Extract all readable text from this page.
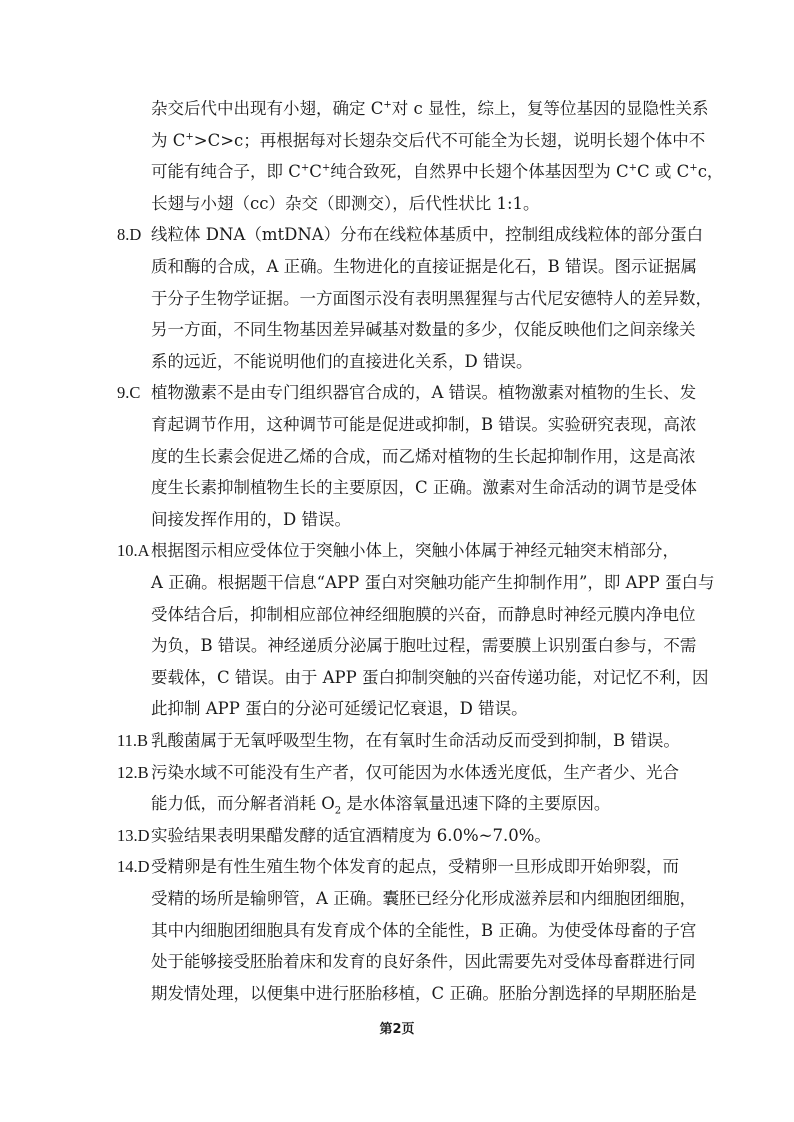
杂交后代中出现有小翅，确定 C+对 c 显性，综上，复等位基因的显隐性关系
为 C+>C>c；再根据每对长翅杂交后代不可能全为长翅，说明长翅个体中不
可能有纯合子，即 C+C+纯合致死，自然界中长翅个体基因型为 C+C 或 C+c，
长翅与小翅（cc）杂交（即测交），后代性状比 1:1。
8.D 线粒体 DNA（mtDNA）分布在线粒体基质中，控制组成线粒体的部分蛋白
质和酶的合成，A 正确。生物进化的直接证据是化石，B 错误。图示证据属
于分子生物学证据。一方面图示没有表明黑猩猩与古代尼安德特人的差异数，
另一方面，不同生物基因差异碱基对数量的多少，仅能反映他们之间亲缘关
系的远近，不能说明他们的直接进化关系，D 错误。
9.C 植物激素不是由专门组织器官合成的，A 错误。植物激素对植物的生长、发
育起调节作用，这种调节可能是促进或抑制，B 错误。实验研究表现，高浓
度的生长素会促进乙烯的合成，而乙烯对植物的生长起抑制作用，这是高浓
度生长素抑制植物生长的主要原因，C 正确。激素对生命活动的调节是受体
间接发挥作用的，D 错误。
10.A 根据图示相应受体位于突触小体上，突触小体属于神经元轴突末梢部分，
A 正确。根据题干信息“APP 蛋白对突触功能产生抑制作用”，即 APP 蛋白与
受体结合后，抑制相应部位神经细胞膜的兴奋，而静息时神经元膜内净电位
为负，B 错误。神经递质分泌属于胞吐过程，需要膜上识别蛋白参与，不需
要载体，C 错误。由于 APP 蛋白抑制突触的兴奋传递功能，对记忆不利，因
此抑制 APP 蛋白的分泌可延缓记忆衰退，D 错误。
11.B 乳酸菌属于无氧呼吸型生物，在有氧时生命活动反而受到抑制，B 错误。
12.B 污染水域不可能没有生产者，仅可能因为水体透光度低，生产者少、光合
能力低，而分解者消耗 $O_2$ 是水体溶氧量迅速下降的主要原因。
13.D 实验结果表明果醋发酵的适宜酒精度为 6.0%~7.0%。
14.D 受精卵是有性生殖生物个体发育的起点，受精卵一旦形成即开始卵裂，而
受精的场所是输卵管，A 正确。囊胚已经分化形成滋养层和内细胞团细胞，
其中内细胞团细胞具有发育成个体的全能性，B 正确。为使受体母畜的子宫
处于能够接受胚胎着床和发育的良好条件，因此需要先对受体母畜群进行同
期发情处理，以便集中进行胚胎移植，C 正确。胚胎分割选择的早期胚胎是
第2页
